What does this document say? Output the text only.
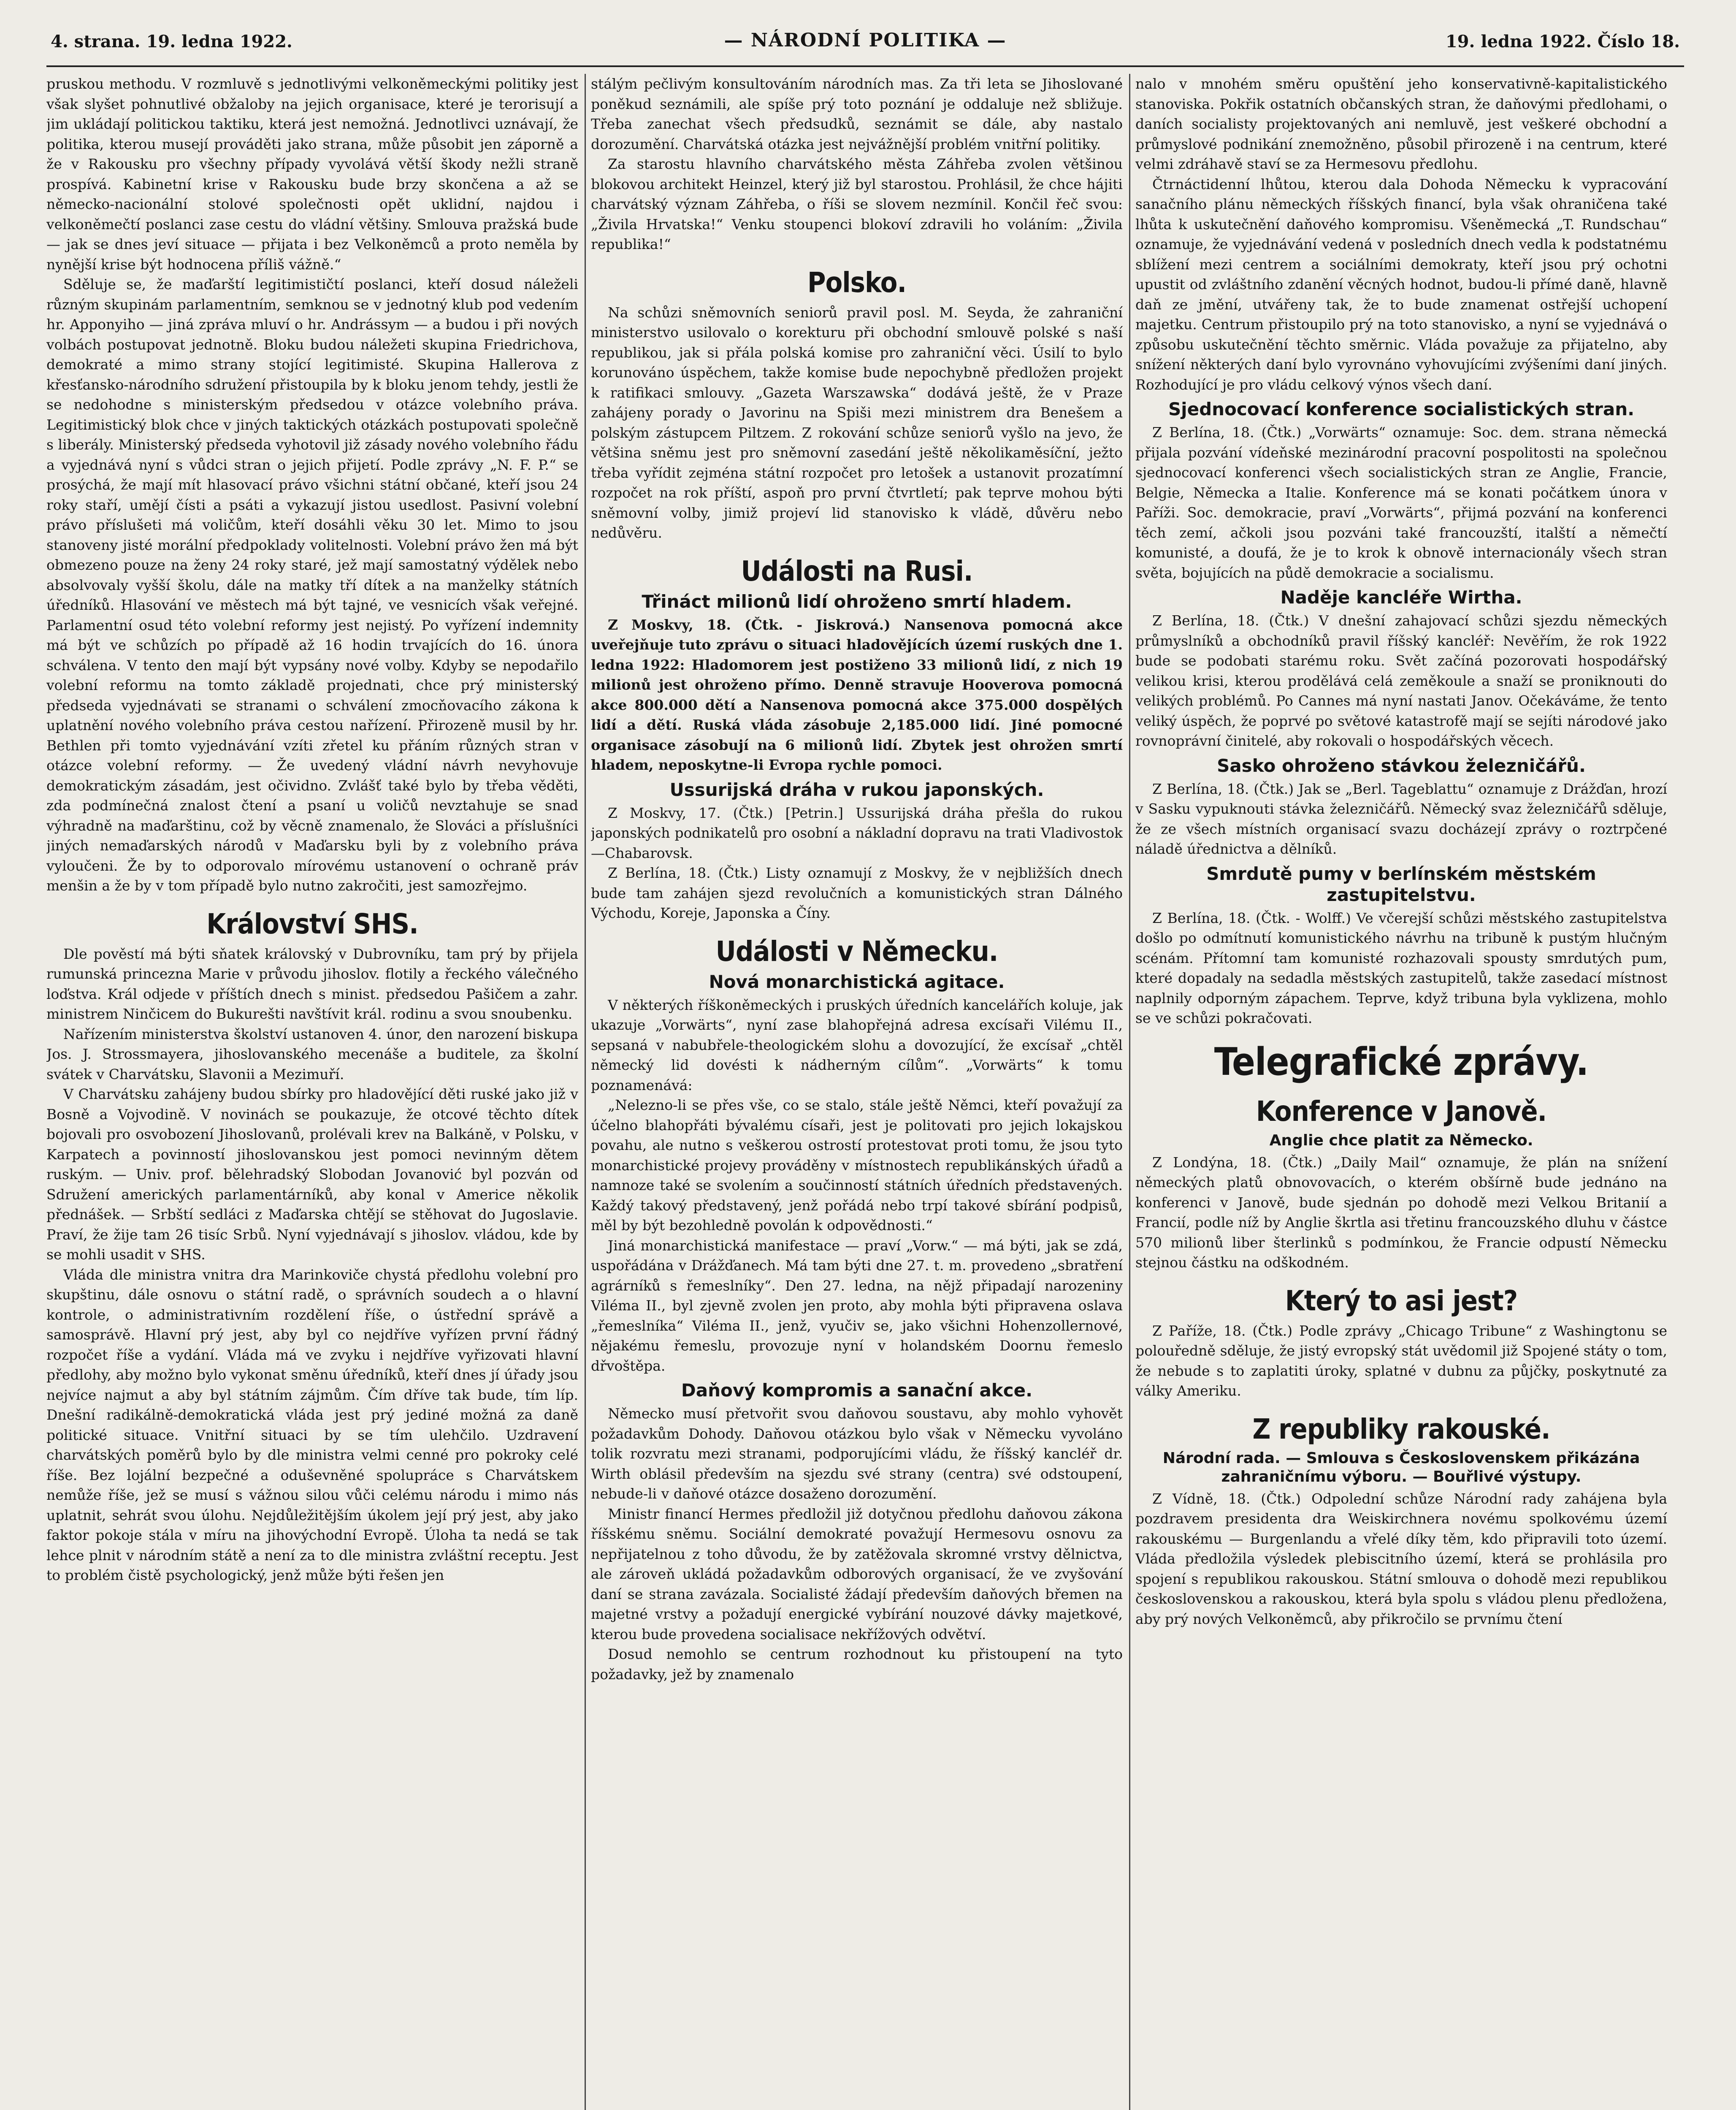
4. strana. 19. ledna 1922.	— NÁRODNÍ POLITIKA —	19. ledna 1922. Číslo 18.

pruskou methodu. V rozmluvě s jednotlivými velkoněmeckými politiky jest však slyšet pohnutlivé obžaloby na jejich organisace, které je terorisují a jim ukládají politickou taktiku, která jest nemožná. Jednotlivci uznávají, že politika, kterou musejí prováděti jako strana, může působit jen záporně a že v Rakousku pro všechny případy vyvolává větší škody nežli straně prospívá. Kabinetní krise v Rakousku bude brzy skončena a až se německo-nacionální stolové společnosti opět uklidní, najdou i velkoněmečtí poslanci zase cestu do vládní většiny. Smlouva pražská bude — jak se dnes jeví situace — přijata i bez Velkoněmců a proto neměla by nynější krise být hodnocena příliš vážně.“

Sděluje se, že maďarští legitimističtí poslanci, kteří dosud náleželi různým skupinám parlamentním, semknou se v jednotný klub pod vedením hr. Apponyiho — jiná zpráva mluví o hr. Andrássym — a budou i při nových volbách postupovat jednotně. Bloku budou náležeti skupina Friedrichova, demokraté a mimo strany stojící legitimisté. Skupina Hallerova z křesťansko-národního sdružení přistoupila by k bloku jenom tehdy, jestli že se nedohodne s ministerským předsedou v otázce volebního práva. Legitimistický blok chce v jiných taktických otázkách postupovati společně s liberály. Ministerský předseda vyhotovil již zásady nového volebního řádu a vyjednává nyní s vůdci stran o jejich přijetí. Podle zprávy „N. F. P.“ se prosýchá, že mají mít hlasovací právo všichni státní občané, kteří jsou 24 roky staří, umějí čísti a psáti a vykazují jistou usedlost. Pasivní volební právo příslušeti má voličům, kteří dosáhli věku 30 let. Mimo to jsou stanoveny jisté morální předpoklady volitelnosti. Volební právo žen má být obmezeno pouze na ženy 24 roky staré, jež mají samostatný výdělek nebo absolvovaly vyšší školu, dále na matky tří dítek a na manželky státních úředníků. Hlasování ve městech má být tajné, ve vesnicích však veřejné. Parlamentní osud této volební reformy jest nejistý. Po vyřízení indemnity má být ve schůzích po případě až 16 hodin trvajících do 16. února schválena. V tento den mají být vypsány nové volby. Kdyby se nepodařilo volební reformu na tomto základě projednati, chce prý ministerský předseda vyjednávati se stranami o schválení zmocňovacího zákona k uplatnění nového volebního práva cestou nařízení. Přirozeně musil by hr. Bethlen při tomto vyjednávání vzíti zřetel ku přáním různých stran v otázce volební reformy. — Že uvedený vládní návrh nevyhovuje demokratickým zásadám, jest očividno. Zvlášť také bylo by třeba věděti, zda podmínečná znalost čtení a psaní u voličů nevztahuje se snad výhradně na maďarštinu, což by věcně znamenalo, že Slováci a příslušníci jiných nemaďarských národů v Maďarsku byli by z volebního práva vyloučeni. Že by to odporovalo mírovému ustanovení o ochraně práv menšin a že by v tom případě bylo nutno zakročiti, jest samozřejmo.

Království SHS.

Dle pověstí má býti sňatek královský v Dubrovníku, tam prý by přijela rumunská princezna Marie v průvodu jihoslov. flotily a řeckého válečného loďstva. Král odjede v příštích dnech s minist. předsedou Pašičem a zahr. ministrem Ninčicem do Bukurešti navštívit král. rodinu a svou snoubenku.

Nařízením ministerstva školství ustanoven 4. únor, den narození biskupa Jos. J. Strossmayera, jihoslovanského mecenáše a buditele, za školní svátek v Charvátsku, Slavonii a Mezimuří.

V Charvátsku zahájeny budou sbírky pro hladovějící děti ruské jako již v Bosně a Vojvodině. V novinách se poukazuje, že otcové těchto dítek bojovali pro osvobození Jihoslovanů, prolévali krev na Balkáně, v Polsku, v Karpatech a povinností jihoslovanskou jest pomoci nevinným dětem ruským. — Univ. prof. bělehradský Slobodan Jovanović byl pozván od Sdružení amerických parlamentárníků, aby konal v Americe několik přednášek. — Srbští sedláci z Maďarska chtějí se stěhovat do Jugoslavie. Praví, že žije tam 26 tisíc Srbů. Nyní vyjednávají s jihoslov. vládou, kde by se mohli usadit v SHS.

Vláda dle ministra vnitra dra Marinkoviče chystá předlohu volební pro skupštinu, dále osnovu o státní radě, o správních soudech a o hlavní kontrole, o administrativním rozdělení říše, o ústřední správě a samosprávě. Hlavní prý jest, aby byl co nejdříve vyřízen první řádný rozpočet říše a vydání. Vláda má ve zvyku i nejdříve vyřizovati hlavní předlohy, aby možno bylo vykonat směnu úředníků, kteří dnes jí úřady jsou nejvíce najmut a aby byl státním zájmům. Čím dříve tak bude, tím líp. Dnešní radikálně-demokratická vláda jest prý jediné možná za daně politické situace. Vnitřní situaci by se tím ulehčilo. Uzdravení charvátských poměrů bylo by dle ministra velmi cenné pro pokroky celé říše. Bez lojální bezpečné a oduševněné spolupráce s Charvátskem nemůže říše, jež se musí s vážnou silou vůči celému národu i mimo nás uplatnit, sehrát svou úlohu. Nejdůležitějším úkolem její prý jest, aby jako faktor pokoje stála v míru na jihovýchodní Evropě. Úloha ta nedá se tak lehce plnit v národním státě a není za to dle ministra zvláštní receptu. Jest to problém čistě psychologický, jenž může býti řešen jen

stálým pečlivým konsultováním národních mas. Za tři leta se Jihoslované poněkud seznámili, ale spíše prý toto poznání je oddaluje než sbližuje. Třeba zanechat všech předsudků, seznámit se dále, aby nastalo dorozumění. Charvátská otázka jest nejvážnější problém vnitřní politiky.

Za starostu hlavního charvátského města Záhřeba zvolen většinou blokovou architekt Heinzel, který již byl starostou. Prohlásil, že chce hájiti charvátský význam Záhřeba, o říši se slovem nezmínil. Končil řeč svou: „Živila Hrvatska!“ Venku stoupenci blokoví zdravili ho voláním: „Živila republika!“

Polsko.

Na schůzi sněmovních seniorů pravil posl. M. Seyda, že zahraniční ministerstvo usilovalo o korekturu při obchodní smlouvě polské s naší republikou, jak si přála polská komise pro zahraniční věci. Úsilí to bylo korunováno úspěchem, takže komise bude nepochybně předložen projekt k ratifikaci smlouvy. „Gazeta Warszawska“ dodává ještě, že v Praze zahájeny porady o Javorinu na Spiši mezi ministrem dra Benešem a polským zástupcem Piltzem. Z rokování schůze seniorů vyšlo na jevo, že většina sněmu jest pro sněmovní zasedání ještě několikaměsíční, ježto třeba vyřídit zejména státní rozpočet pro letošek a ustanovit prozatímní rozpočet na rok příští, aspoň pro první čtvrtletí; pak teprve mohou býti sněmovní volby, jimiž projeví lid stanovisko k vládě, důvěru nebo nedůvěru.

Události na Rusi.
Třináct milionů lidí ohroženo smrtí hladem.

Z Moskvy, 18. (Čtk. - Jiskrová.) Nansenova pomocná akce uveřejňuje tuto zprávu o situaci hladovějících území ruských dne 1. ledna 1922: Hladomorem jest postiženo 33 milionů lidí, z nich 19 milionů jest ohroženo přímo. Denně stravuje Hooverova pomocná akce 800.000 dětí a Nansenova pomocná akce 375.000 dospělých lidí a dětí. Ruská vláda zásobuje 2,185.000 lidí. Jiné pomocné organisace zásobují na 6 milionů lidí. Zbytek jest ohrožen smrtí hladem, neposkytne-li Evropa rychle pomoci.

Ussurijská dráha v rukou japonských.

Z Moskvy, 17. (Čtk.) [Petrin.] Ussurijská dráha přešla do rukou japonských podnikatelů pro osobní a nákladní dopravu na trati Vladivostok—Chabarovsk.

Z Berlína, 18. (Čtk.) Listy oznamují z Moskvy, že v nejbližších dnech bude tam zahájen sjezd revolučních a komunistických stran Dálného Východu, Koreje, Japonska a Číny.

Události v Německu.
Nová monarchistická agitace.

V některých říškoněmeckých i pruských úředních kancelářích koluje, jak ukazuje „Vorwärts“, nyní zase blahopřejná adresa excísaři Vilému II., sepsaná v nabubřele-theologickém slohu a dovozující, že excísař „chtěl německý lid dovésti k nádherným cílům“. „Vorwärts“ k tomu poznamenává:

„Nelezno-li se přes vše, co se stalo, stále ještě Němci, kteří považují za účelno blahopřáti bývalému císaři, jest je politovati pro jejich lokajskou povahu, ale nutno s veškerou ostrostí protestovat proti tomu, že jsou tyto monarchistické projevy prováděny v místnostech republikánských úřadů a namnoze také se svolením a součinností státních úředních představených. Každý takový představený, jenž pořádá nebo trpí takové sbírání podpisů, měl by být bezohledně povolán k odpovědnosti.“

Jiná monarchistická manifestace — praví „Vorw.“ — má býti, jak se zdá, uspořádána v Drážďanech. Má tam býti dne 27. t. m. provedeno „sbratření agrárníků s řemeslníky“. Den 27. ledna, na nějž připadají narozeniny Viléma II., byl zjevně zvolen jen proto, aby mohla býti připravena oslava „řemeslníka“ Viléma II., jenž, vyučiv se, jako všichni Hohenzollernové, nějakému řemeslu, provozuje nyní v holandském Doornu řemeslo dřvoštěpa.

Daňový kompromis a sanační akce.

Německo musí přetvořit svou daňovou soustavu, aby mohlo vyhovět požadavkům Dohody. Daňovou otázkou bylo však v Německu vyvoláno tolik rozvratu mezi stranami, podporujícími vládu, že říšský kancléř dr. Wirth oblásil především na sjezdu své strany (centra) své odstoupení, nebude-li v daňové otázce dosaženo dorozumění.

Ministr financí Hermes předložil již dotyčnou předlohu daňovou zákona říšskému sněmu. Sociální demokraté považují Hermesovu osnovu za nepřijatelnou z toho důvodu, že by zatěžovala skromné vrstvy dělnictva, ale zároveň ukládá požadavkům odborových organisací, že ve zvyšování daní se strana zavázala. Socialisté žádají především daňových břemen na majetné vrstvy a požadují energické vybírání nouzové dávky majetkové, kterou bude provedena socialisace nekřížových odvětví.

Dosud nemohlo se centrum rozhodnout ku přistoupení na tyto požadavky, jež by znamenalo

nalo v mnohém směru opuštění jeho konservativně-kapitalistického stanoviska. Pokřik ostatních občanských stran, že daňovými předlohami, o daních socialisty projektovaných ani nemluvě, jest veškeré obchodní a průmyslové podnikání znemožněno, působil přirozeně i na centrum, které velmi zdráhavě staví se za Hermesovu předlohu.

Čtrnáctidenní lhůtou, kterou dala Dohoda Německu k vypracování sanačního plánu německých říšských financí, byla však ohraničena také lhůta k uskutečnění daňového kompromisu. Všeněmecká „T. Rundschau“ oznamuje, že vyjednávání vedená v posledních dnech vedla k podstatnému sblížení mezi centrem a sociálními demokraty, kteří jsou prý ochotni upustit od zvláštního zdanění věcných hodnot, budou-li přímé daně, hlavně daň ze jmění, utvářeny tak, že to bude znamenat ostřejší uchopení majetku. Centrum přistoupilo prý na toto stanovisko, a nyní se vyjednává o způsobu uskutečnění těchto směrnic. Vláda považuje za přijatelno, aby snížení některých daní bylo vyrovnáno vyhovujícími zvýšeními daní jiných. Rozhodující je pro vládu celkový výnos všech daní.

Sjednocovací konference socialistických stran.

Z Berlína, 18. (Čtk.) „Vorwärts“ oznamuje: Soc. dem. strana německá přijala pozvání vídeňské mezinárodní pracovní pospolitosti na společnou sjednocovací konferenci všech socialistických stran ze Anglie, Francie, Belgie, Německa a Italie. Konference má se konati počátkem února v Paříži. Soc. demokracie, praví „Vorwärts“, přijmá pozvání na konferenci těch zemí, ačkoli jsou pozváni také francouzští, italští a němečtí komunisté, a doufá, že je to krok k obnově internacionály všech stran světa, bojujících na půdě demokracie a socialismu.

Naděje kancléře Wirtha.

Z Berlína, 18. (Čtk.) V dnešní zahajovací schůzi sjezdu německých průmyslníků a obchodníků pravil říšský kancléř: Nevěřím, že rok 1922 bude se podobati starému roku. Svět začíná pozorovati hospodářský velikou krisi, kterou prodělává celá zeměkoule a snaží se proniknouti do velikých problémů. Po Cannes má nyní nastati Janov. Očekáváme, že tento veliký úspěch, že poprvé po světové katastrofě mají se sejíti národové jako rovnoprávní činitelé, aby rokovali o hospodářských věcech.

Sasko ohroženo stávkou železničářů.

Z Berlína, 18. (Čtk.) Jak se „Berl. Tageblattu“ oznamuje z Drážďan, hrozí v Sasku vypuknouti stávka železničářů. Německý svaz železničářů sděluje, že ze všech místních organisací svazu docházejí zprávy o roztrpčené náladě úřednictva a dělníků.

Smrdutě pumy v berlínském městském zastupitelstvu.

Z Berlína, 18. (Čtk. - Wolff.) Ve včerejší schůzi městského zastupitelstva došlo po odmítnutí komunistického návrhu na tribuně k pustým hlučným scénám. Přítomní tam komunisté rozhazovali spousty smrdutých pum, které dopadaly na sedadla městských zastupitelů, takže zasedací místnost naplnily odporným zápachem. Teprve, když tribuna byla vyklizena, mohlo se ve schůzi pokračovati.

Telegrafické zprávy.
Konference v Janově.
Anglie chce platit za Německo.

Z Londýna, 18. (Čtk.) „Daily Mail“ oznamuje, že plán na snížení německých platů obnovovacích, o kterém obšírně bude jednáno na konferenci v Janově, bude sjednán po dohodě mezi Velkou Britanií a Francií, podle níž by Anglie škrtla asi třetinu francouzského dluhu v částce 570 milionů liber šterlinků s podmínkou, že Francie odpustí Německu stejnou částku na odškodném.

Který to asi jest?

Z Paříže, 18. (Čtk.) Podle zprávy „Chicago Tribune“ z Washingtonu se polouředně sděluje, že jistý evropský stát uvědomil již Spojené státy o tom, že nebude s to zaplatiti úroky, splatné v dubnu za půjčky, poskytnuté za války Ameriku.

Z republiky rakouské.
Národní rada. — Smlouva s Československem přikázána zahraničnímu výboru. — Bouřlivé výstupy.

Z Vídně, 18. (Čtk.) Odpolední schůze Národní rady zahájena byla pozdravem presidenta dra Weiskirchnera novému spolkovému území rakouskému — Burgenlandu a vřelé díky těm, kdo připravili toto území. Vláda předložila výsledek plebiscitního území, která se prohlásila pro spojení s republikou rakouskou. Státní smlouva o dohodě mezi republikou československou a rakouskou, která byla spolu s vládou plenu předložena, aby prý nových Velkoněmců, aby přikročilo se prvnímu čtení
